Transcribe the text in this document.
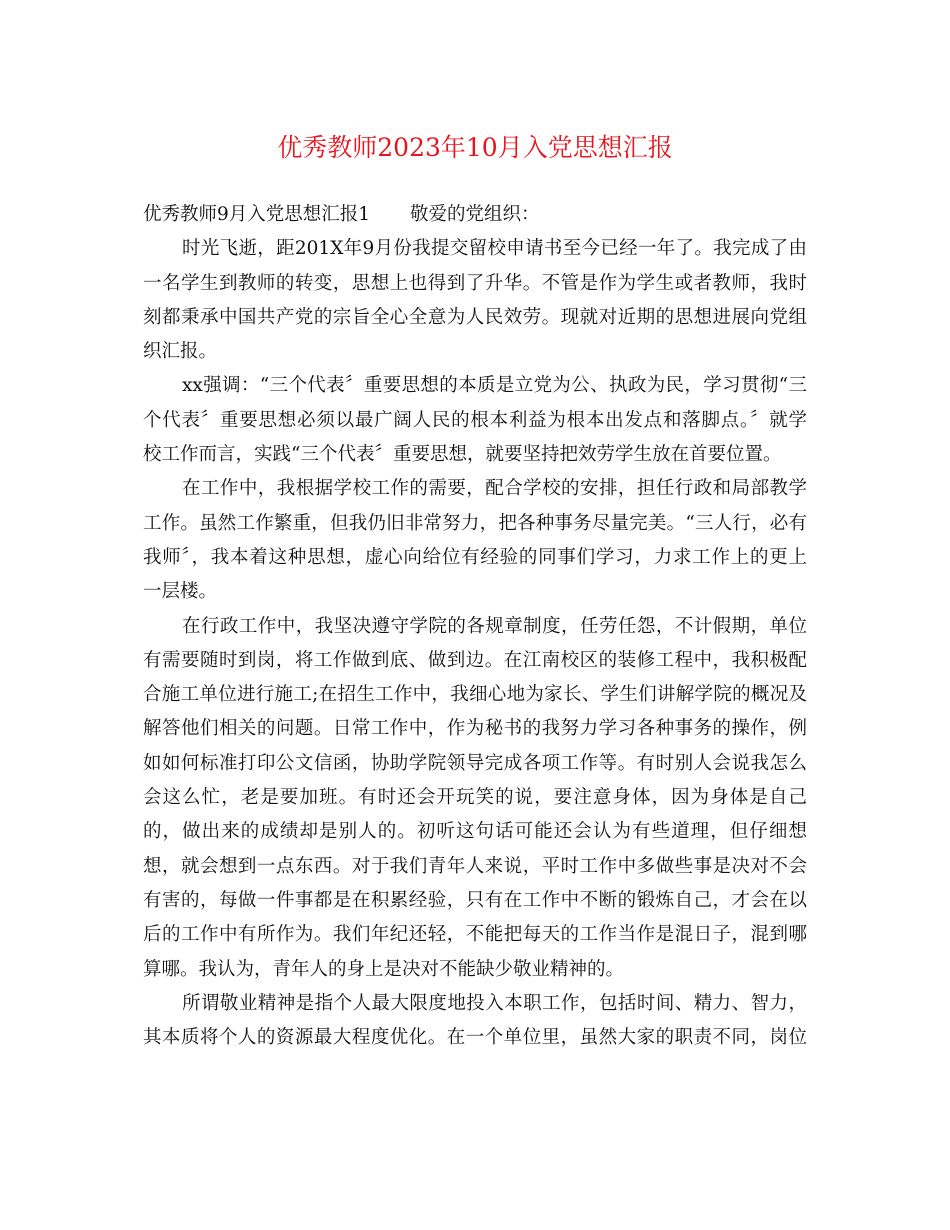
优秀教师2023年10月入党思想汇报
优秀教师9月入党思想汇报1 敬爱的党组织：
时光飞逝，距201X年9月份我提交留校申请书至今已经一年了。我完成了由
一名学生到教师的转变，思想上也得到了升华。不管是作为学生或者教师，我时
刻都秉承中国共产党的宗旨全心全意为人民效劳。现就对近期的思想进展向党组
织汇报。
xx强调：“三个代表〞重要思想的本质是立党为公、执政为民，学习贯彻“三
个代表〞重要思想必须以最广阔人民的根本利益为根本出发点和落脚点。〞就学
校工作而言，实践“三个代表〞重要思想，就要坚持把效劳学生放在首要位置。
在工作中，我根据学校工作的需要，配合学校的安排，担任行政和局部教学
工作。虽然工作繁重，但我仍旧非常努力，把各种事务尽量完美。“三人行，必有
我师〞，我本着这种思想，虚心向给位有经验的同事们学习，力求工作上的更上
一层楼。
在行政工作中，我坚决遵守学院的各规章制度，任劳任怨，不计假期，单位
有需要随时到岗，将工作做到底、做到边。在江南校区的装修工程中，我积极配
合施工单位进行施工;在招生工作中，我细心地为家长、学生们讲解学院的概况及
解答他们相关的问题。日常工作中，作为秘书的我努力学习各种事务的操作，例
如如何标准打印公文信函，协助学院领导完成各项工作等。有时别人会说我怎么
会这么忙，老是要加班。有时还会开玩笑的说，要注意身体，因为身体是自己
的，做出来的成绩却是别人的。初听这句话可能还会认为有些道理，但仔细想
想，就会想到一点东西。对于我们青年人来说，平时工作中多做些事是决对不会
有害的，每做一件事都是在积累经验，只有在工作中不断的锻炼自己，才会在以
后的工作中有所作为。我们年纪还轻，不能把每天的工作当作是混日子，混到哪
算哪。我认为，青年人的身上是决对不能缺少敬业精神的。
所谓敬业精神是指个人最大限度地投入本职工作，包括时间、精力、智力，
其本质将个人的资源最大程度优化。在一个单位里，虽然大家的职责不同，岗位
